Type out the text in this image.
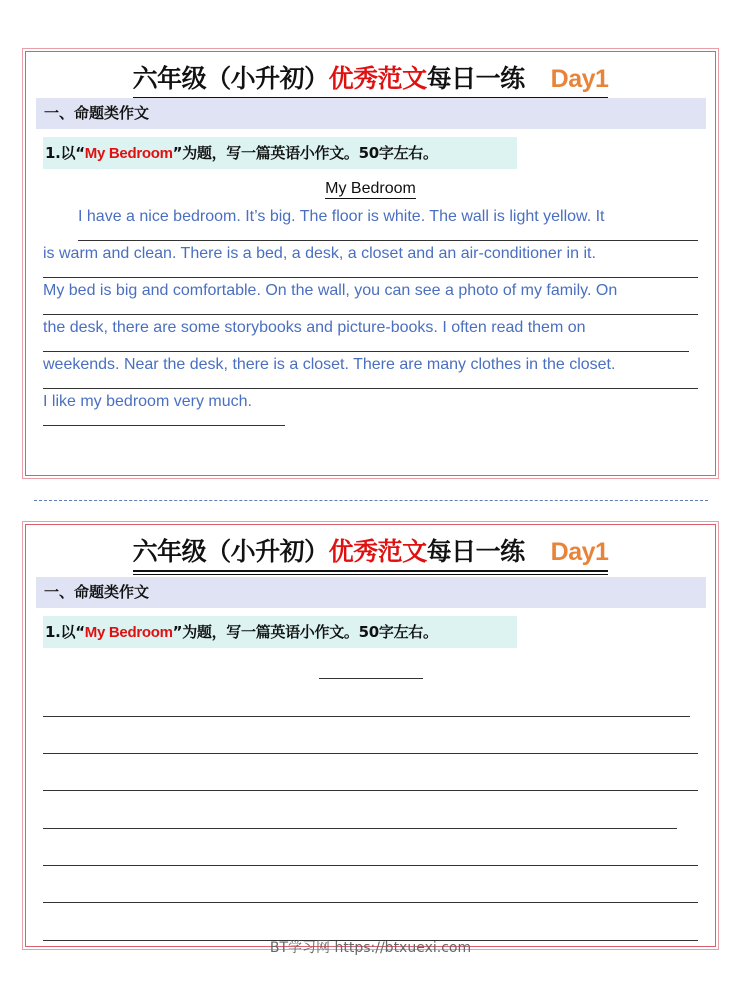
六年级（小升初）优秀范文每日一练 Day1
一、命题类作文
1.以“My Bedroom”为题，写一篇英语小作文。50字左右。
My Bedroom
I have a nice bedroom. It’s big. The floor is white. The wall is light yellow. It
is warm and clean. There is a bed, a desk, a closet and an air-conditioner in it.
My bed is big and comfortable. On the wall, you can see a photo of my family. On
the desk, there are some storybooks and picture-books. I often read them on
weekends. Near the desk, there is a closet. There are many clothes in the closet.
I like my bedroom very much.
六年级（小升初）优秀范文每日一练 Day1
一、命题类作文
1.以“My Bedroom”为题，写一篇英语小作文。50字左右。
BT学习网 https://btxuexi.com
